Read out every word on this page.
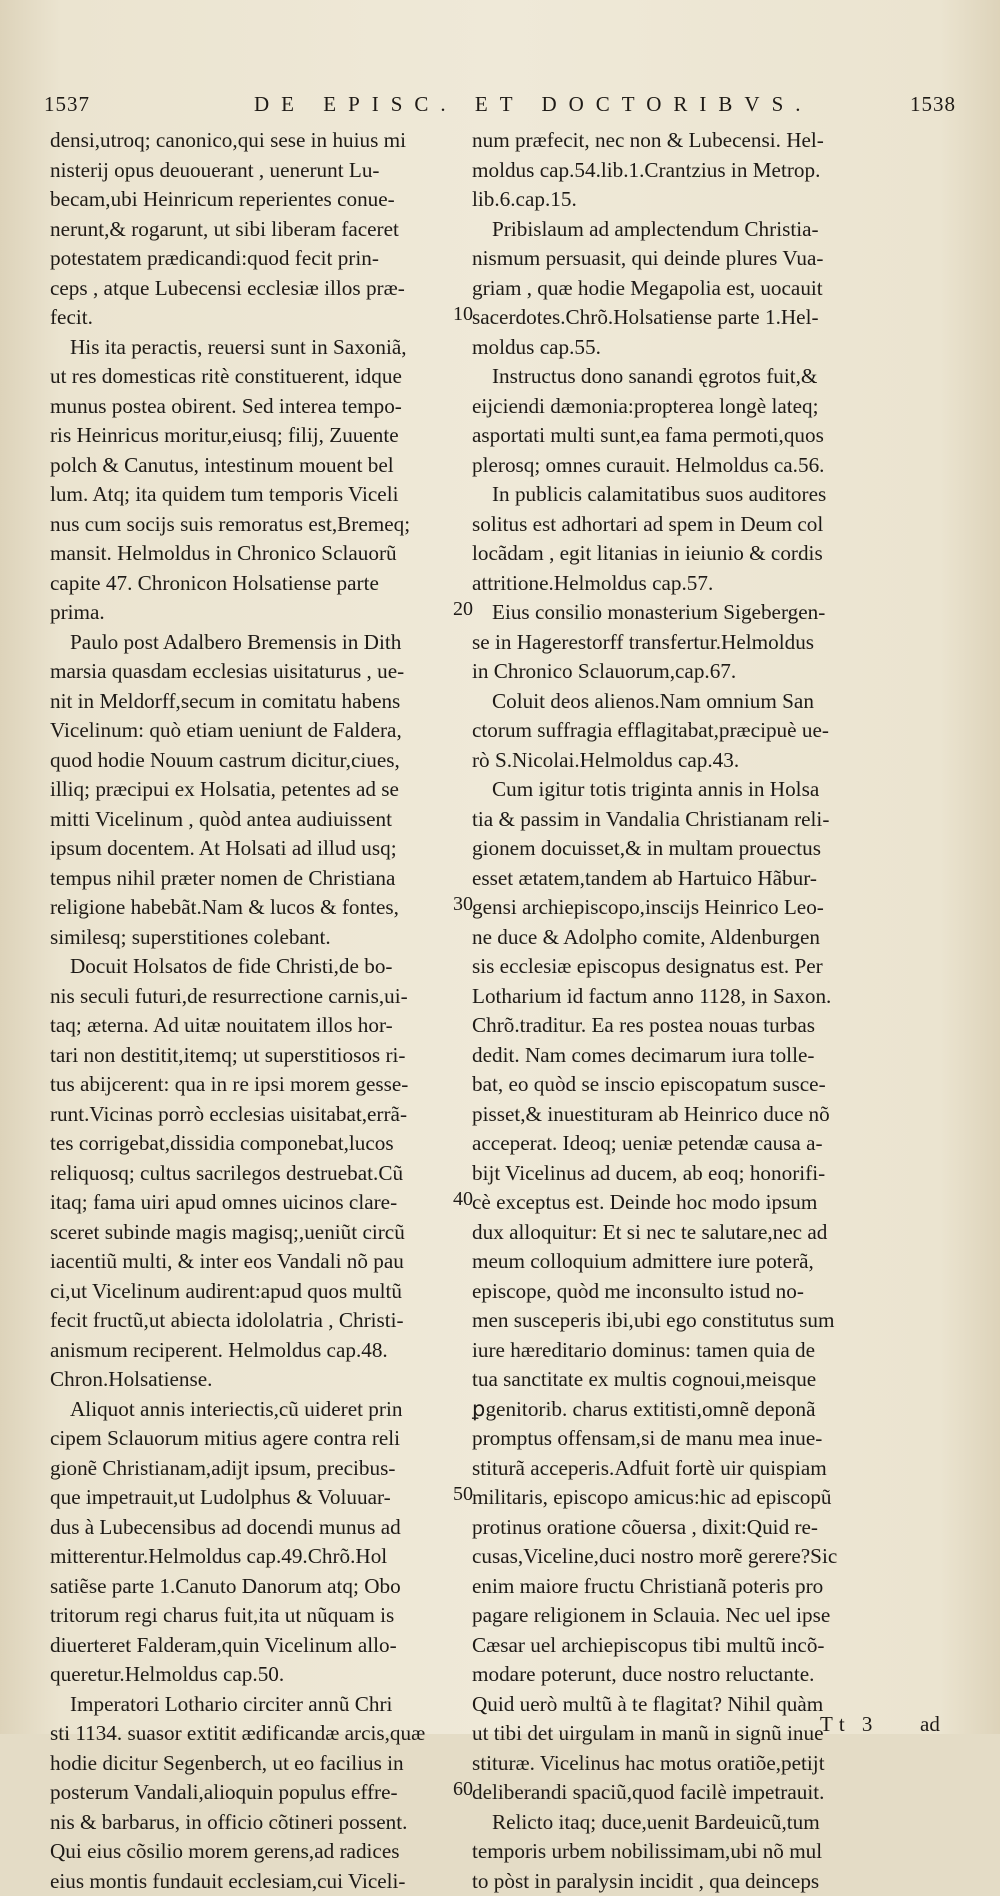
1537	DE EPISC. ET DOCTORIBVS.	1538

densi,utroq; canonico,qui sese in huius mi
nisterij opus deuouerant , uenerunt Lu-
becam,ubi Heinricum reperientes conue-
nerunt,& rogarunt, ut sibi liberam faceret
potestatem prædicandi:quod fecit prin-
ceps , atque Lubecensi ecclesiæ illos præ-
fecit.

His ita peractis, reuersi sunt in Saxoniã,
ut res domesticas ritè constituerent, idque
munus postea obirent. Sed interea tempo-
ris Heinricus moritur,eiusq; filij, Zuuente
polch & Canutus, intestinum mouent bel
lum. Atq; ita quidem tum temporis Viceli
nus cum socijs suis remoratus est,Bremeq;
mansit. Helmoldus in Chronico Sclauorũ
capite 47. Chronicon Holsatiense parte
prima.

Paulo post Adalbero Bremensis in Dith
marsia quasdam ecclesias uisitaturus , ue-
nit in Meldorff,secum in comitatu habens
Vicelinum: quò etiam ueniunt de Faldera,
quod hodie Nouum castrum dicitur,ciues,
illiq; præcipui ex Holsatia, petentes ad se
mitti Vicelinum , quòd antea audiuissent
ipsum docentem. At Holsati ad illud usq;
tempus nihil præter nomen de Christiana
religione habebãt.Nam & lucos & fontes,
similesq; superstitiones colebant.

Docuit Holsatos de fide Christi,de bo-
nis seculi futuri,de resurrectione carnis,ui-
taq; æterna. Ad uitæ nouitatem illos hor-
tari non destitit,itemq; ut superstitiosos ri-
tus abijcerent: qua in re ipsi morem gesse-
runt.Vicinas porrò ecclesias uisitabat,errã-
tes corrigebat,dissidia componebat,lucos
reliquosq; cultus sacrilegos destruebat.Cũ
itaq; fama uiri apud omnes uicinos clare-
sceret subinde magis magisq;,ueniũt circũ
iacentiũ multi, & inter eos Vandali nõ pau
ci,ut Vicelinum audirent:apud quos multũ
fecit fructũ,ut abiecta idololatria , Christi-
anismum reciperent. Helmoldus cap.48.
Chron.Holsatiense.

Aliquot annis interiectis,cũ uideret prin
cipem Sclauorum mitius agere contra reli
gionẽ Christianam,adijt ipsum, precibus-
que impetrauit,ut Ludolphus & Voluuar-
dus à Lubecensibus ad docendi munus ad
mitterentur.Helmoldus cap.49.Chrõ.Hol
satiẽse parte 1.Canuto Danorum atq; Obo
tritorum regi charus fuit,ita ut nũquam is
diuerteret Falderam,quin Vicelinum allo-
queretur.Helmoldus cap.50.

Imperatori Lothario circiter annũ Chri
sti 1134. suasor extitit ædificandæ arcis,quæ
hodie dicitur Segenberch, ut eo facilius in
posterum Vandali,alioquin populus effre-
nis & barbarus, in officio cõtineri possent.
Qui eius cõsilio morem gerens,ad radices
eius montis fundauit ecclesiam,cui Viceli-

10
20
30
40
50
60

num præfecit, nec non & Lubecensi. Hel-
moldus cap.54.lib.1.Crantzius in Metrop.
lib.6.cap.15.

Pribislaum ad amplectendum Christia-
nismum persuasit, qui deinde plures Vua-
griam , quæ hodie Megapolia est, uocauit
sacerdotes.Chrõ.Holsatiense parte 1.Hel-
moldus cap.55.

Instructus dono sanandi ęgrotos fuit,&
eijciendi dæmonia:propterea longè lateq;
asportati multi sunt,ea fama permoti,quos
plerosq; omnes curauit. Helmoldus ca.56.

In publicis calamitatibus suos auditores
solitus est adhortari ad spem in Deum col
locãdam , egit litanias in ieiunio & cordis
attritione.Helmoldus cap.57.

Eius consilio monasterium Sigebergen-
se in Hagerestorff transfertur.Helmoldus
in Chronico Sclauorum,cap.67.

Coluit deos alienos.Nam omnium San
ctorum suffragia efflagitabat,præcipuè ue-
rò S.Nicolai.Helmoldus cap.43.

Cum igitur totis triginta annis in Holsa
tia & passim in Vandalia Christianam reli-
gionem docuisset,& in multam prouectus
esset ætatem,tandem ab Hartuico Hãbur-
gensi archiepiscopo,inscijs Heinrico Leo-
ne duce & Adolpho comite, Aldenburgen
sis ecclesiæ episcopus designatus est. Per
Lotharium id factum anno 1128, in Saxon.
Chrõ.traditur. Ea res postea nouas turbas
dedit. Nam comes decimarum iura tolle-
bat, eo quòd se inscio episcopatum susce-
pisset,& inuestituram ab Heinrico duce nõ
acceperat. Ideoq; ueniæ petendæ causa a-
bijt Vicelinus ad ducem, ab eoq; honorifi-
cè exceptus est. Deinde hoc modo ipsum
dux alloquitur: Et si nec te salutare,nec ad
meum colloquium admittere iure poterã,
episcope, quòd me inconsulto istud no-
men susceperis ibi,ubi ego constitutus sum
iure hæreditario dominus: tamen quia de
tua sanctitate ex multis cognoui,meisque
ꝑgenitorib. charus extitisti,omnẽ deponã
promptus offensam,si de manu mea inue-
stiturã acceperis.Adfuit fortè uir quispiam
militaris, episcopo amicus:hic ad episcopũ
protinus oratione cõuersa , dixit:Quid re-
cusas,Viceline,duci nostro morẽ gerere?Sic
enim maiore fructu Christianã poteris pro
pagare religionem in Sclauia. Nec uel ipse
Cæsar uel archiepiscopus tibi multũ incõ-
modare poterunt, duce nostro reluctante.
Quid uerò multũ à te flagitat? Nihil quàm
ut tibi det uirgulam in manũ in signũ inue
stituræ. Vicelinus hac motus oratiõe,petijt
deliberandi spaciũ,quod facilè impetrauit.

Relicto itaq; duce,uenit Bardeuicũ,tum
temporis urbem nobilissimam,ubi nõ mul
to pòst in paralysin incidit , qua deinceps

Tt 3 ad
